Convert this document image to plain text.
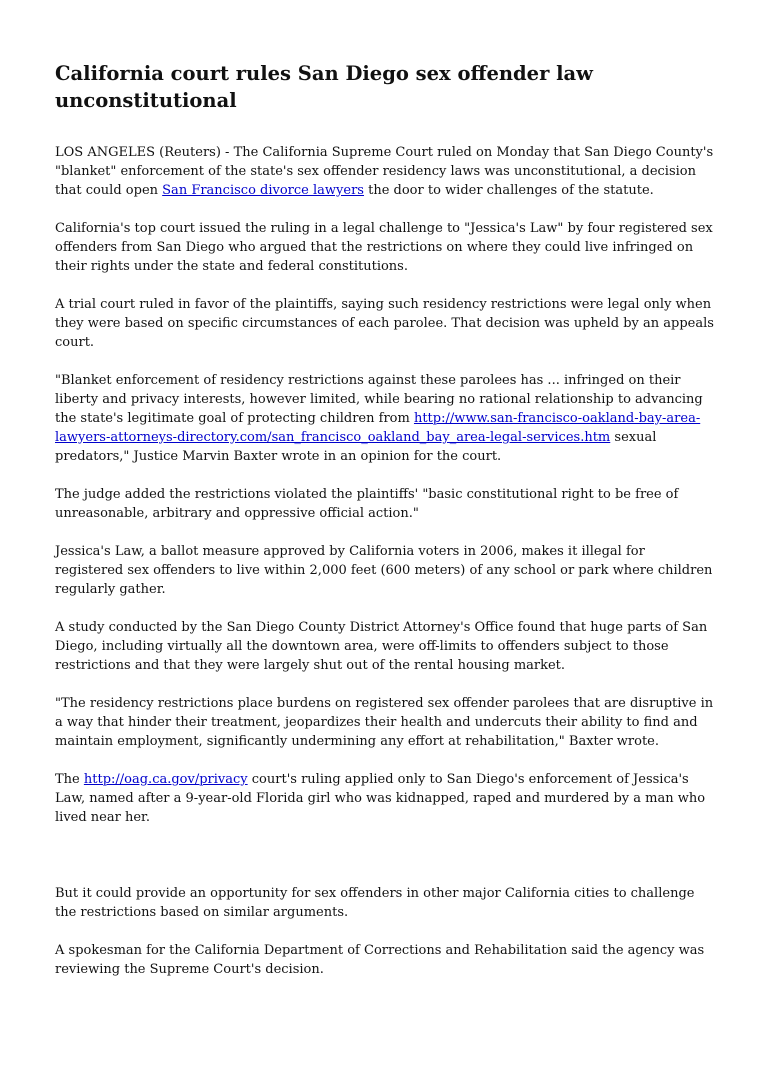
California court rules San Diego sex offender law unconstitutional

LOS ANGELES (Reuters) - The California Supreme Court ruled on Monday that San Diego County's "blanket" enforcement of the state's sex offender residency laws was unconstitutional, a decision that could open San Francisco divorce lawyers the door to wider challenges of the statute.

California's top court issued the ruling in a legal challenge to "Jessica's Law" by four registered sex offenders from San Diego who argued that the restrictions on where they could live infringed on their rights under the state and federal constitutions.

A trial court ruled in favor of the plaintiffs, saying such residency restrictions were legal only when they were based on specific circumstances of each parolee. That decision was upheld by an appeals court.

"Blanket enforcement of residency restrictions against these parolees has ... infringed on their liberty and privacy interests, however limited, while bearing no rational relationship to advancing the state's legitimate goal of protecting children from http://www.san-francisco-oakland-bay-area-lawyers-attorneys-directory.com/san_francisco_oakland_bay_area-legal-services.htm sexual predators," Justice Marvin Baxter wrote in an opinion for the court.

The judge added the restrictions violated the plaintiffs' "basic constitutional right to be free of unreasonable, arbitrary and oppressive official action."

Jessica's Law, a ballot measure approved by California voters in 2006, makes it illegal for registered sex offenders to live within 2,000 feet (600 meters) of any school or park where children regularly gather.

A study conducted by the San Diego County District Attorney's Office found that huge parts of San Diego, including virtually all the downtown area, were off-limits to offenders subject to those restrictions and that they were largely shut out of the rental housing market.

"The residency restrictions place burdens on registered sex offender parolees that are disruptive in a way that hinder their treatment, jeopardizes their health and undercuts their ability to find and maintain employment, significantly undermining any effort at rehabilitation," Baxter wrote.

The http://oag.ca.gov/privacy court's ruling applied only to San Diego's enforcement of Jessica's Law, named after a 9-year-old Florida girl who was kidnapped, raped and murdered by a man who lived near her.

But it could provide an opportunity for sex offenders in other major California cities to challenge the restrictions based on similar arguments.

A spokesman for the California Department of Corrections and Rehabilitation said the agency was reviewing the Supreme Court's decision.
